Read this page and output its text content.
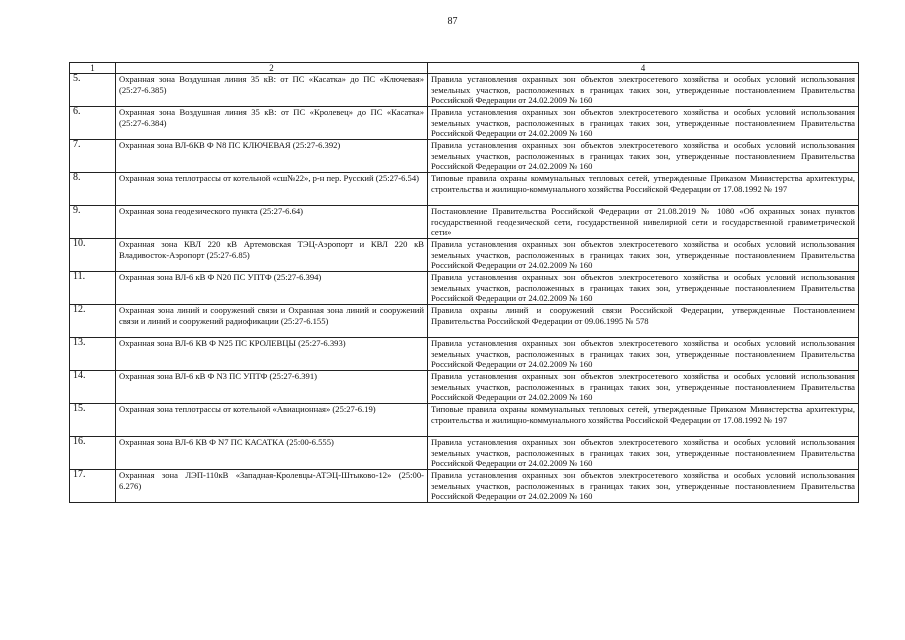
87
1	2	4
5.	Охранная зона Воздушная линия 35 кВ: от ПС «Касатка» до ПС «Ключевая» (25:27-6.385)	Правила установления охранных зон объектов электросетевого хозяйства и особых условий использования земельных участков, расположенных в границах таких зон, утвержденные постановлением Правительства Российской Федерации от 24.02.2009 № 160
6.	Охранная зона Воздушная линия 35 кВ: от ПС «Кролевец» до ПС «Касатка» (25:27-6.384)	Правила установления охранных зон объектов электросетевого хозяйства и особых условий использования земельных участков, расположенных в границах таких зон, утвержденные постановлением Правительства Российской Федерации от 24.02.2009 № 160
7.	Охранная зона ВЛ-6КВ Ф N8 ПС КЛЮЧЕВАЯ (25:27-6.392)	Правила установления охранных зон объектов электросетевого хозяйства и особых условий использования земельных участков, расположенных в границах таких зон, утвержденные постановлением Правительства Российской Федерации от 24.02.2009 № 160
8.	Охранная зона теплотрассы от котельной «сш№22», р-н пер. Русский (25:27-6.54)	Типовые правила охраны коммунальных тепловых сетей, утвержденные Приказом Министерства архитектуры, строительства и жилищно-коммунального хозяйства Российской Федерации от 17.08.1992 № 197
9.	Охранная зона геодезического пункта (25:27-6.64)	Постановление Правительства Российской Федерации от 21.08.2019 № 1080 «Об охранных зонах пунктов государственной геодезической сети, государственной нивелирной сети и государственной гравиметрической сети»
10.	Охранная зона КВЛ 220 кВ Артемовская ТЭЦ-Аэропорт и КВЛ 220 кВ Владивосток-Аэропорт (25:27-6.85)	Правила установления охранных зон объектов электросетевого хозяйства и особых условий использования земельных участков, расположенных в границах таких зон, утвержденные постановлением Правительства Российской Федерации от 24.02.2009 № 160
11.	Охранная зона ВЛ-6 кВ Ф N20 ПС УПТФ (25:27-6.394)	Правила установления охранных зон объектов электросетевого хозяйства и особых условий использования земельных участков, расположенных в границах таких зон, утвержденные постановлением Правительства Российской Федерации от 24.02.2009 № 160
12.	Охранная зона линий и сооружений связи и Охранная зона линий и сооружений связи и линий и сооружений радиофикации (25:27-6.155)	Правила охраны линий и сооружений связи Российской Федерации, утвержденные Постановлением Правительства Российской Федерации от 09.06.1995 № 578
13.	Охранная зона ВЛ-6 КВ Ф N25 ПС КРОЛЕВЦЫ (25:27-6.393)	Правила установления охранных зон объектов электросетевого хозяйства и особых условий использования земельных участков, расположенных в границах таких зон, утвержденные постановлением Правительства Российской Федерации от 24.02.2009 № 160
14.	Охранная зона ВЛ-6 кВ Ф N3 ПС УПТФ (25:27-6.391)	Правила установления охранных зон объектов электросетевого хозяйства и особых условий использования земельных участков, расположенных в границах таких зон, утвержденные постановлением Правительства Российской Федерации от 24.02.2009 № 160
15.	Охранная зона теплотрассы от котельной «Авиационная» (25:27-6.19)	Типовые правила охраны коммунальных тепловых сетей, утвержденные Приказом Министерства архитектуры, строительства и жилищно-коммунального хозяйства Российской Федерации от 17.08.1992 № 197
16.	Охранная зона ВЛ-6 КВ Ф N7 ПС КАСАТКА (25:00-6.555)	Правила установления охранных зон объектов электросетевого хозяйства и особых условий использования земельных участков, расположенных в границах таких зон, утвержденные постановлением Правительства Российской Федерации от 24.02.2009 № 160
17.	Охранная зона ЛЭП-110кВ «Западная-Кролевцы-АТЭЦ-Штыково-12» (25:00-6.276)	Правила установления охранных зон объектов электросетевого хозяйства и особых условий использования земельных участков, расположенных в границах таких зон, утвержденные постановлением Правительства Российской Федерации от 24.02.2009 № 160
